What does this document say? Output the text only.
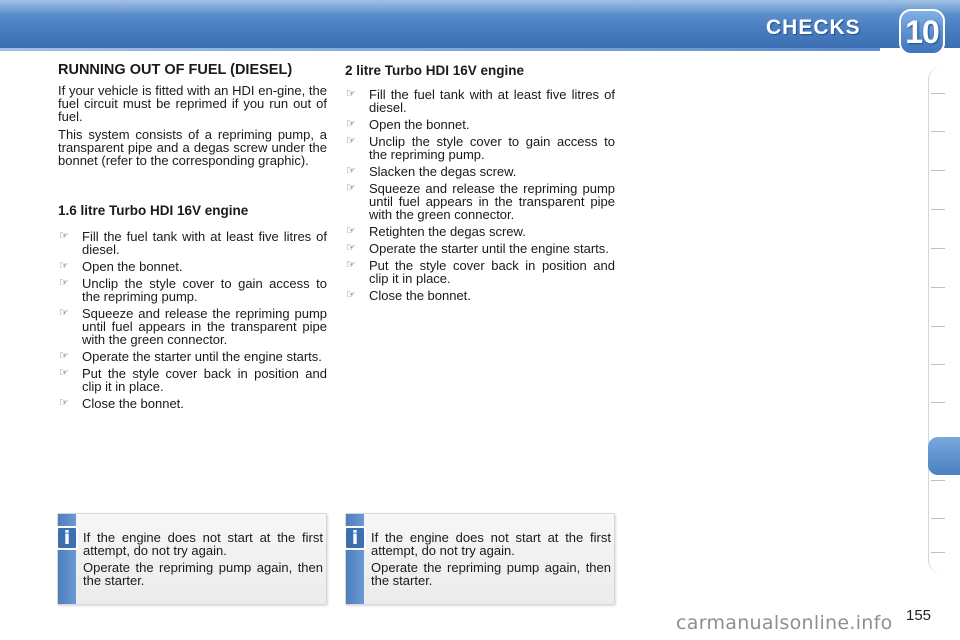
CHECKS 10
RUNNING OUT OF FUEL (DIESEL)

If your vehicle is fitted with an HDI en-gine, the fuel circuit must be reprimed if you run out of fuel.

This system consists of a repriming pump, a transparent pipe and a degas screw under the bonnet (refer to the corresponding graphic).

1.6 litre Turbo HDI 16V engine
☞ Fill the fuel tank with at least five litres of diesel.
☞ Open the bonnet.
☞ Unclip the style cover to gain access to the repriming pump.
☞ Squeeze and release the repriming pump until fuel appears in the transparent pipe with the green connector.
☞ Operate the starter until the engine starts.
☞ Put the style cover back in position and clip it in place.
☞ Close the bonnet.
2 litre Turbo HDI 16V engine
☞ Fill the fuel tank with at least five litres of diesel.
☞ Open the bonnet.
☞ Unclip the style cover to gain access to the repriming pump.
☞ Slacken the degas screw.
☞ Squeeze and release the repriming pump until fuel appears in the transparent pipe with the green connector.
☞ Retighten the degas screw.
☞ Operate the starter until the engine starts.
☞ Put the style cover back in position and clip it in place.
☞ Close the bonnet.
i If the engine does not start at the first attempt, do not try again.

Operate the repriming pump again, then the starter.

i If the engine does not start at the first attempt, do not try again.

Operate the repriming pump again, then the starter.

155
carmanualsonline.info
